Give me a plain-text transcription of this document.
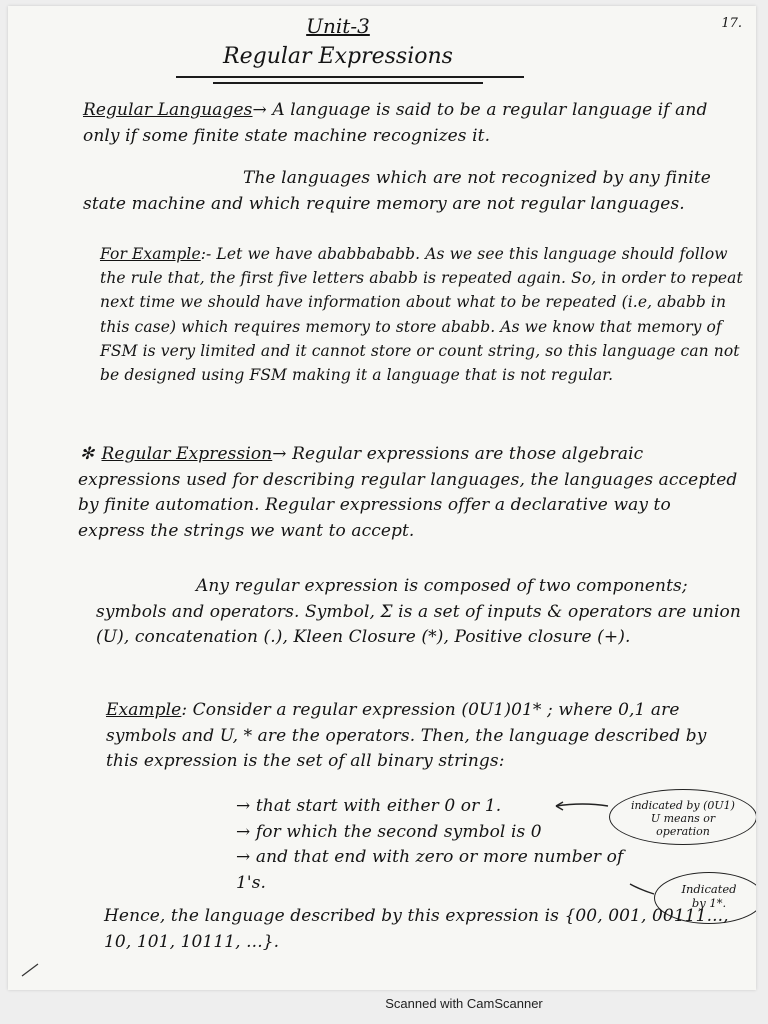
17.
Unit-3
Regular Expressions
Regular Languages→ A language is said to be a regular language if and only if some finite state machine recognizes it.
The languages which are not recognized by any finite state machine and which require memory are not regular languages.
For Example:- Let we have ababbababb. As we see this language should follow the rule that, the first five letters ababb is repeated again. So, in order to repeat next time we should have information about what to be repeated (i.e, ababb in this case) which requires memory to store ababb. As we know that memory of FSM is very limited and it cannot store or count string, so this language can not be designed using FSM making it a language that is not regular.
✻ Regular Expression→ Regular expressions are those algebraic expressions used for describing regular languages, the languages accepted by finite automation. Regular expressions offer a declarative way to express the strings we want to accept.
Any regular expression is composed of two components; symbols and operators. Symbol, Σ is a set of inputs & operators are union (U), concatenation (.), Kleen Closure (*), Positive closure (+).
Example: Consider a regular expression (0U1)01* ; where 0,1 are symbols and U, * are the operators. Then, the language described by this expression is the set of all binary strings:
→ that start with either 0 or 1.
→ for which the second symbol is 0
→ and that end with zero or more number of 1's.
indicated by (0U1)
U means or
operation
Indicated
by 1*.
Hence, the language described by this expression is {00, 001, 00111..., 10, 101, 10111, ...}.
Scanned with CamScanner
